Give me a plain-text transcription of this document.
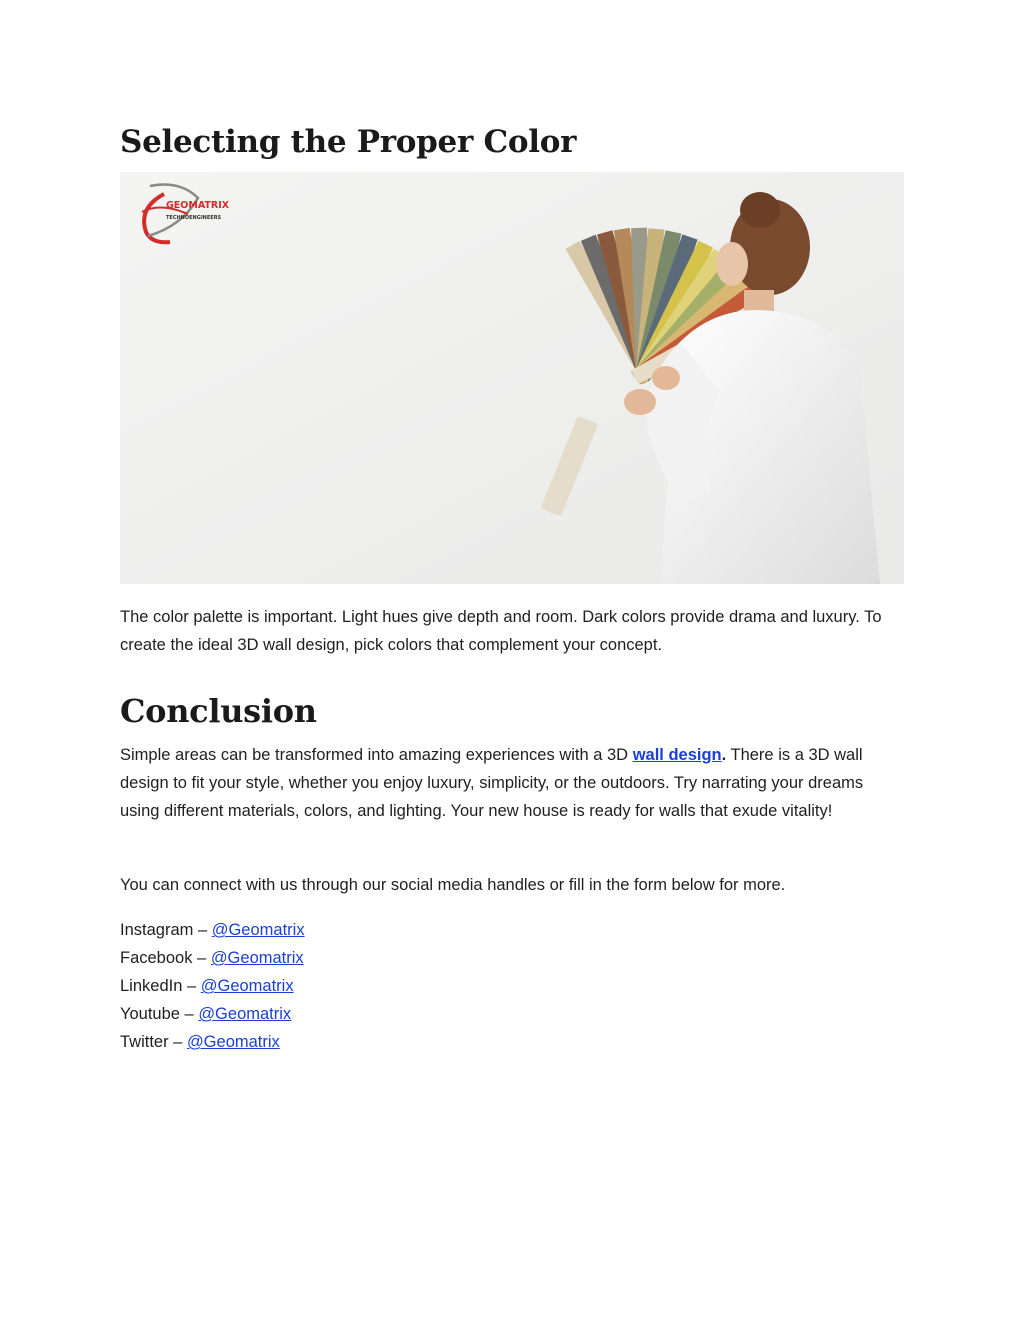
Selecting the Proper Color
GEOMATRIX
TECHNOENGINEERS

The color palette is important. Light hues give depth and room. Dark colors provide drama and luxury. To create the ideal 3D wall design, pick colors that complement your concept.

Conclusion

Simple areas can be transformed into amazing experiences with a 3D wall design. There is a 3D wall design to fit your style, whether you enjoy luxury, simplicity, or the outdoors. Try narrating your dreams using different materials, colors, and lighting. Your new house is ready for walls that exude vitality!

You can connect with us through our social media handles or fill in the form below for more.

Instagram – @Geomatrix
Facebook – @Geomatrix
LinkedIn – @Geomatrix
Youtube – @Geomatrix
Twitter – @Geomatrix
